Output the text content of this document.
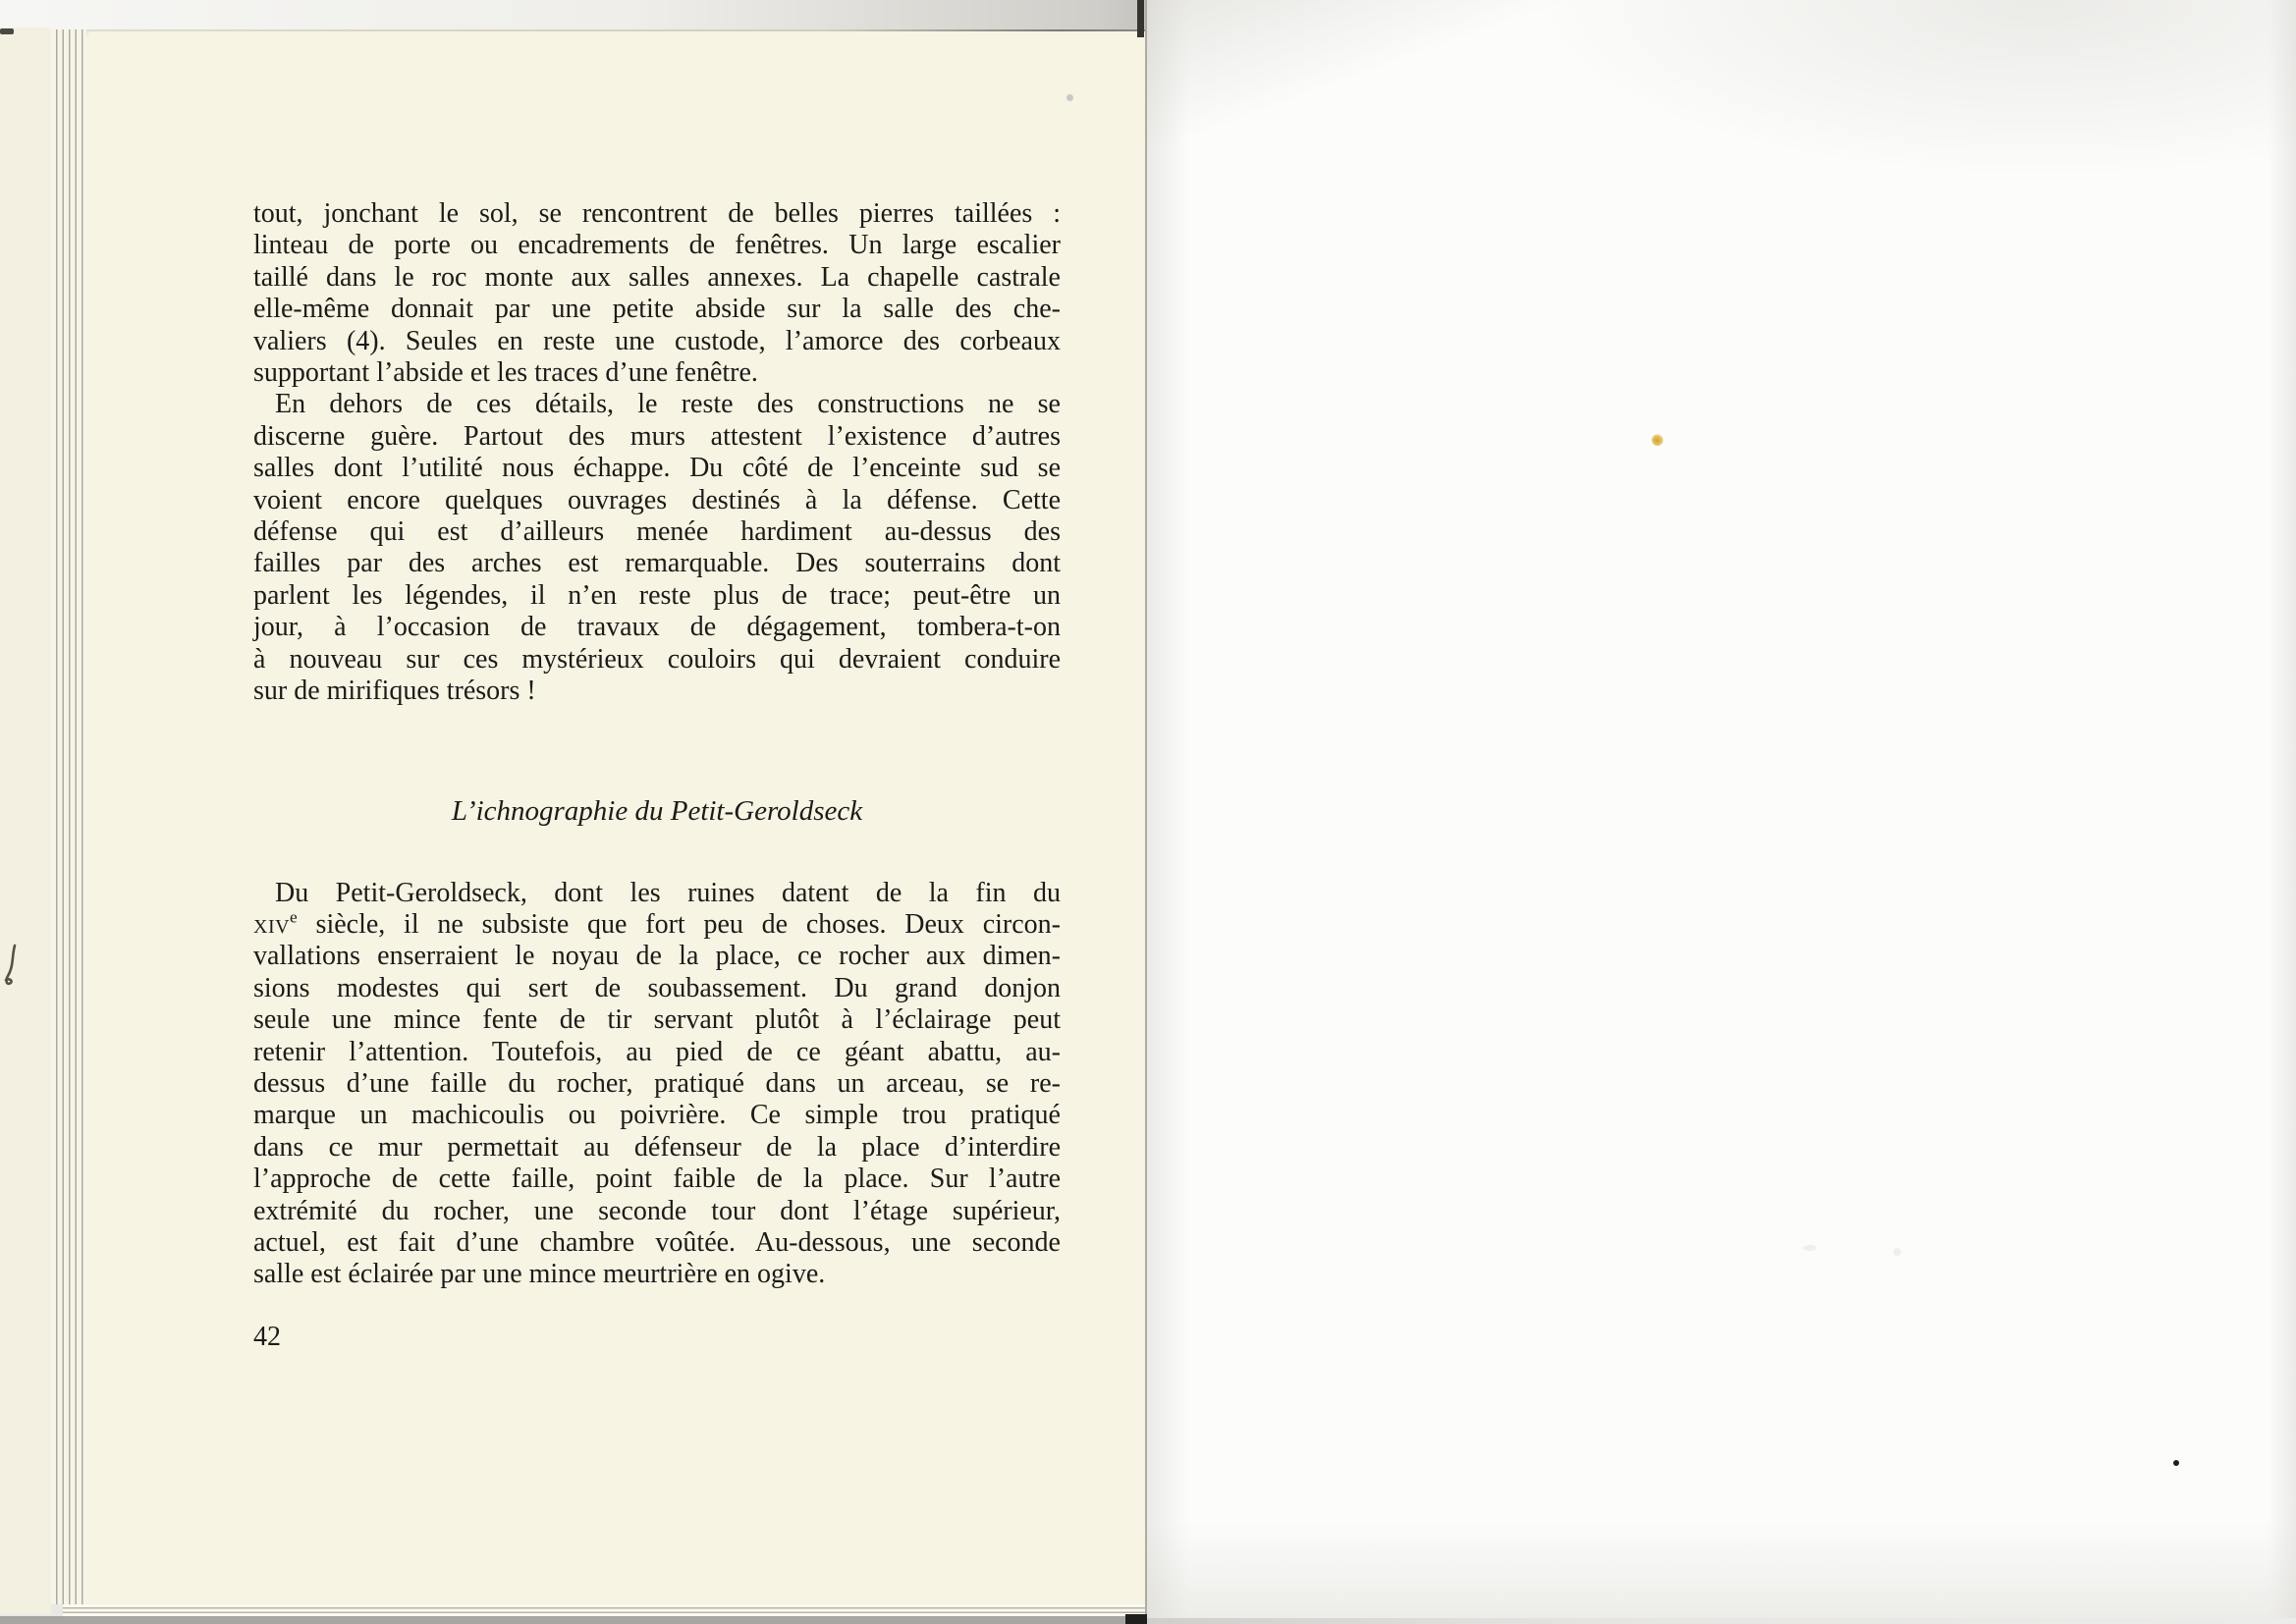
tout, jonchant le sol, se rencontrent de belles pierres taillées :
linteau de porte ou encadrements de fenêtres. Un large escalier
taillé dans le roc monte aux salles annexes. La chapelle castrale
elle-même donnait par une petite abside sur la salle des che-
valiers (4). Seules en reste une custode, l’amorce des corbeaux
supportant l’abside et les traces d’une fenêtre.
En dehors de ces détails, le reste des constructions ne se
discerne guère. Partout des murs attestent l’existence d’autres
salles dont l’utilité nous échappe. Du côté de l’enceinte sud se
voient encore quelques ouvrages destinés à la défense. Cette
défense qui est d’ailleurs menée hardiment au-dessus des
failles par des arches est remarquable. Des souterrains dont
parlent les légendes, il n’en reste plus de trace; peut-être un
jour, à l’occasion de travaux de dégagement, tombera-t-on
à nouveau sur ces mystérieux couloirs qui devraient conduire
sur de mirifiques trésors !
L’ichnographie du Petit-Geroldseck
Du Petit-Geroldseck, dont les ruines datent de la fin du
xiv$^e$ siècle, il ne subsiste que fort peu de choses. Deux circon-
vallations enserraient le noyau de la place, ce rocher aux dimen-
sions modestes qui sert de soubassement. Du grand donjon
seule une mince fente de tir servant plutôt à l’éclairage peut
retenir l’attention. Toutefois, au pied de ce géant abattu, au-
dessus d’une faille du rocher, pratiqué dans un arceau, se re-
marque un machicoulis ou poivrière. Ce simple trou pratiqué
dans ce mur permettait au défenseur de la place d’interdire
l’approche de cette faille, point faible de la place. Sur l’autre
extrémité du rocher, une seconde tour dont l’étage supérieur,
actuel, est fait d’une chambre voûtée. Au-dessous, une seconde
salle est éclairée par une mince meurtrière en ogive.
42
